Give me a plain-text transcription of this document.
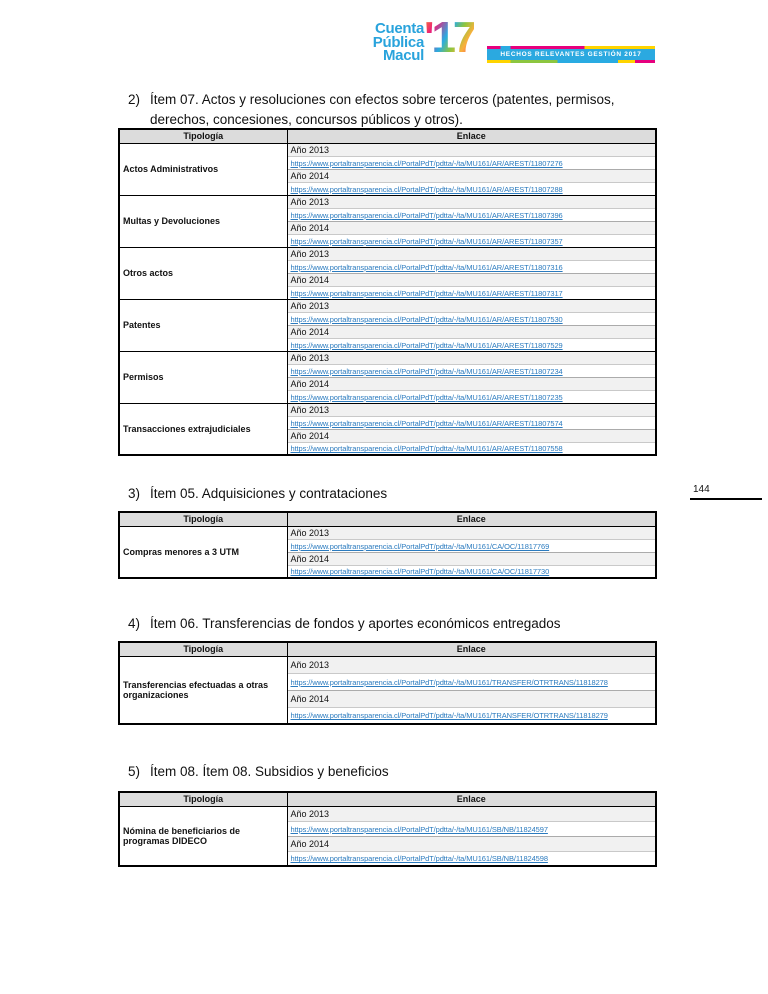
Cuenta
Pública
Macul '17	HECHOS RELEVANTES GESTIÓN 2017
144
2) Ítem 07. Actos y resoluciones con efectos sobre terceros (patentes, permisos, derechos, concesiones, concursos públicos y otros).
Tipología	Enlace
Actos Administrativos	Año 2013
	https://www.portaltransparencia.cl/PortalPdT/pdtta/-/ta/MU161/AR/AREST/11807276
	Año 2014
	https://www.portaltransparencia.cl/PortalPdT/pdtta/-/ta/MU161/AR/AREST/11807288
Multas y Devoluciones	Año 2013
	https://www.portaltransparencia.cl/PortalPdT/pdtta/-/ta/MU161/AR/AREST/11807396
	Año 2014
	https://www.portaltransparencia.cl/PortalPdT/pdtta/-/ta/MU161/AR/AREST/11807357
Otros actos	Año 2013
	https://www.portaltransparencia.cl/PortalPdT/pdtta/-/ta/MU161/AR/AREST/11807316
	Año 2014
	https://www.portaltransparencia.cl/PortalPdT/pdtta/-/ta/MU161/AR/AREST/11807317
Patentes	Año 2013
	https://www.portaltransparencia.cl/PortalPdT/pdtta/-/ta/MU161/AR/AREST/11807530
	Año 2014
	https://www.portaltransparencia.cl/PortalPdT/pdtta/-/ta/MU161/AR/AREST/11807529
Permisos	Año 2013
	https://www.portaltransparencia.cl/PortalPdT/pdtta/-/ta/MU161/AR/AREST/11807234
	Año 2014
	https://www.portaltransparencia.cl/PortalPdT/pdtta/-/ta/MU161/AR/AREST/11807235
Transacciones extrajudiciales	Año 2013
	https://www.portaltransparencia.cl/PortalPdT/pdtta/-/ta/MU161/AR/AREST/11807574
	Año 2014
	https://www.portaltransparencia.cl/PortalPdT/pdtta/-/ta/MU161/AR/AREST/11807558
3) Ítem 05. Adquisiciones y contrataciones
Tipología	Enlace
Compras menores a 3 UTM	Año 2013
	https://www.portaltransparencia.cl/PortalPdT/pdtta/-/ta/MU161/CA/OC/11817769
	Año 2014
	https://www.portaltransparencia.cl/PortalPdT/pdtta/-/ta/MU161/CA/OC/11817730
4) Ítem 06. Transferencias de fondos y aportes económicos entregados
Tipología	Enlace
Transferencias efectuadas a otras organizaciones	Año 2013
	https://www.portaltransparencia.cl/PortalPdT/pdtta/-/ta/MU161/TRANSFER/OTRTRANS/11818278
	Año 2014
	https://www.portaltransparencia.cl/PortalPdT/pdtta/-/ta/MU161/TRANSFER/OTRTRANS/11818279
5) Ítem 08. Ítem 08. Subsidios y beneficios
Tipología	Enlace
Nómina de beneficiarios de programas DIDECO	Año 2013
	https://www.portaltransparencia.cl/PortalPdT/pdtta/-/ta/MU161/SB/NB/11824597
	Año 2014
	https://www.portaltransparencia.cl/PortalPdT/pdtta/-/ta/MU161/SB/NB/11824598
